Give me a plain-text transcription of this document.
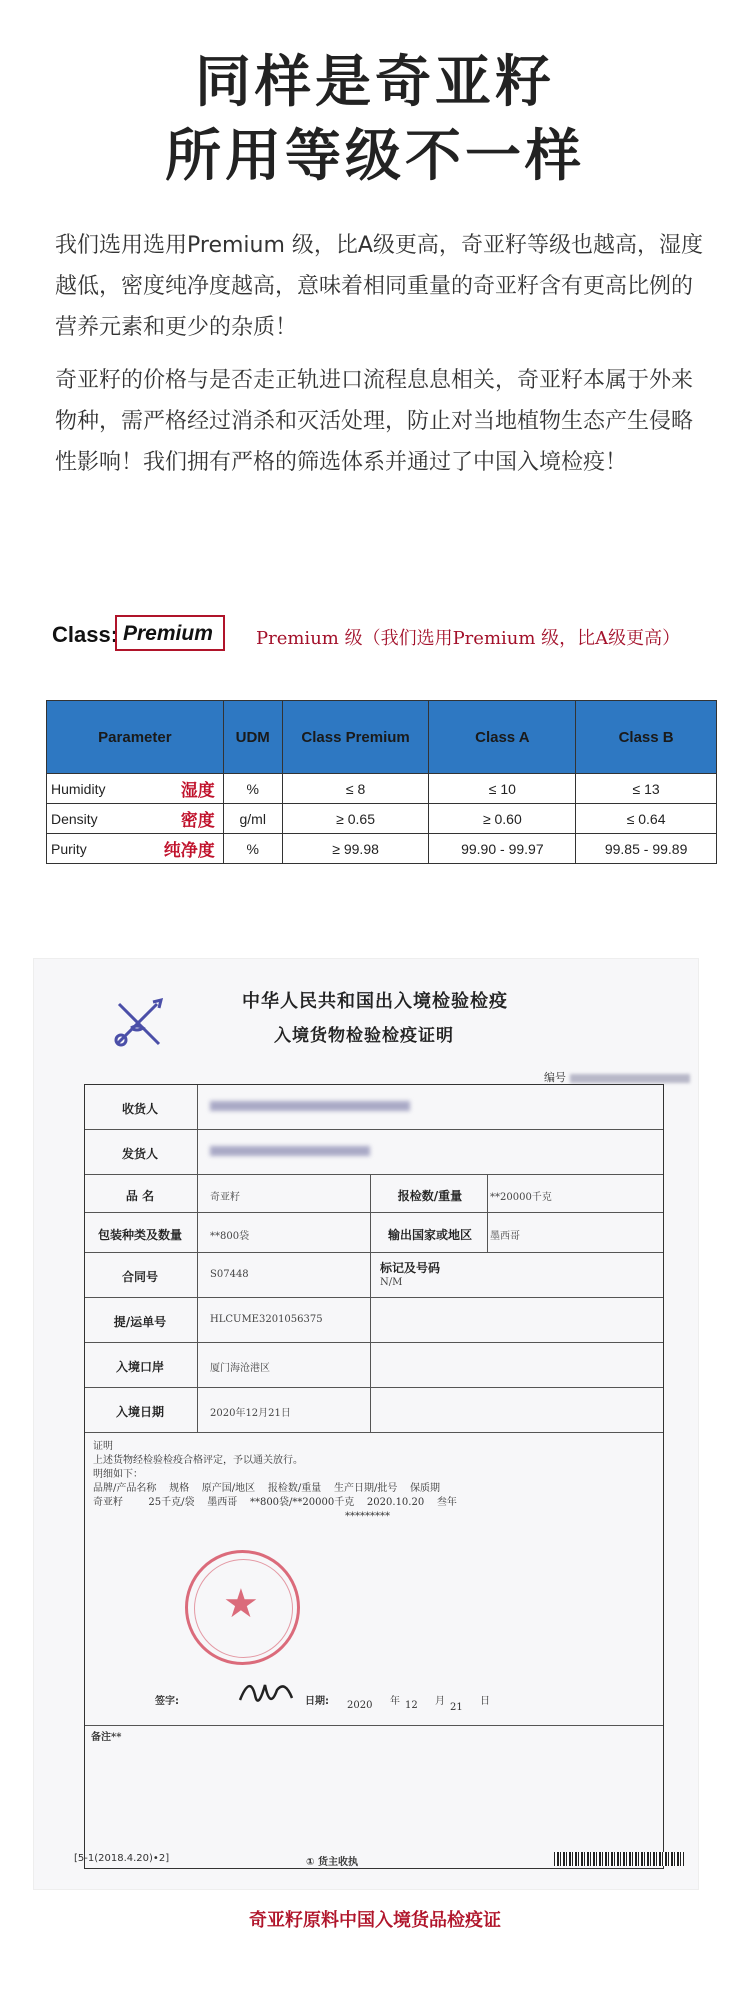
同样是奇亚籽
所用等级不一样
我们选用选用Premium 级，比A级更高，奇亚籽等级也越高，湿度越低，密度纯净度越高，意味着相同重量的奇亚籽含有更高比例的营养元素和更少的杂质！
奇亚籽的价格与是否走正轨进口流程息息相关，奇亚籽本属于外来物种，需严格经过消杀和灭活处理，防止对当地植物生态产生侵略性影响！我们拥有严格的筛选体系并通过了中国入境检疫！
Class: Premium Premium 级（我们选用Premium 级，比A级更高）
Parameter	UDM	Class Premium	Class A	Class B
Humidity 湿度	%	≤ 8	≤ 10	≤ 13
Density 密度	g/ml	≥ 0.65	≥ 0.60	≤ 0.64
Purity 纯净度	%	≥ 99.98	99.90 - 99.97	99.85 - 99.89
中华人民共和国出入境检验检疫
入境货物检验检疫证明
编号
收货人
发货人
品 名	奇亚籽	报检数/重量	**20000千克
包装种类及数量	**800袋	输出国家或地区	墨西哥
合同号	S07448	标记及号码
N/M
提/运单号	HLCUME3201056375
入境口岸	厦门海沧港区
入境日期	2020年12月21日
证明
上述货物经检验检疫合格评定，予以通关放行。
明细如下：
品牌/产品名称    规格    原产国/地区    报检数/重量    生产日期/批号    保质期
奇亚籽        25千克/袋    墨西哥    **800袋/**20000千克    2020.10.20    叁年
*********
★
签字:	日期: 2020 年 12 月
21
日
备注**
[5-1(2018.4.20)•2]	① 货主收执
奇亚籽原料中国入境货品检疫证
